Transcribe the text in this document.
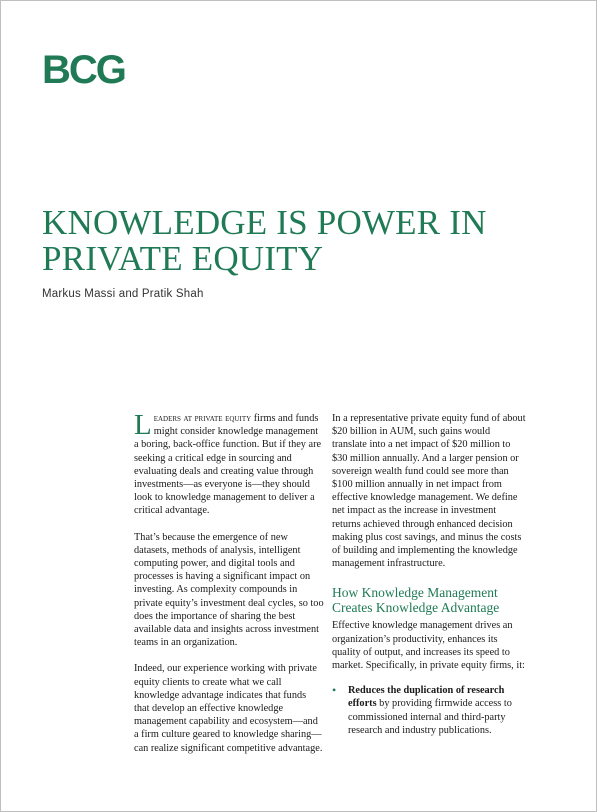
BCG
KNOWLEDGE IS POWER IN
PRIVATE EQUITY
Markus Massi and Pratik Shah

Leaders at private equity firms and funds might consider knowledge management a boring, back-office function. But if they are seeking a critical edge in sourcing and evaluating deals and creating value through investments—as everyone is—they should look to knowledge management to deliver a critical advantage.

That’s because the emergence of new datasets, methods of analysis, intelligent computing power, and digital tools and processes is having a significant impact on investing. As complexity compounds in private equity’s investment deal cycles, so too does the importance of sharing the best available data and insights across investment teams in an organization.

Indeed, our experience working with private equity clients to create what we call knowledge advantage indicates that funds that develop an effective knowledge management capability and ecosystem—and a firm culture geared to knowledge sharing—can realize significant competitive advantage.

In a representative private equity fund of about $20 billion in AUM, such gains would translate into a net impact of $20 million to $30 million annually. And a larger pension or sovereign wealth fund could see more than $100 million annually in net impact from effective knowledge management. We define net impact as the increase in investment returns achieved through enhanced decision making plus cost savings, and minus the costs of building and implementing the knowledge management infrastructure.

How Knowledge Management
Creates Knowledge Advantage

Effective knowledge management drives an organization’s productivity, enhances its quality of output, and increases its speed to market. Specifically, in private equity firms, it:

• Reduces the duplication of research efforts by providing firmwide access to commissioned internal and third-party research and industry publications.
